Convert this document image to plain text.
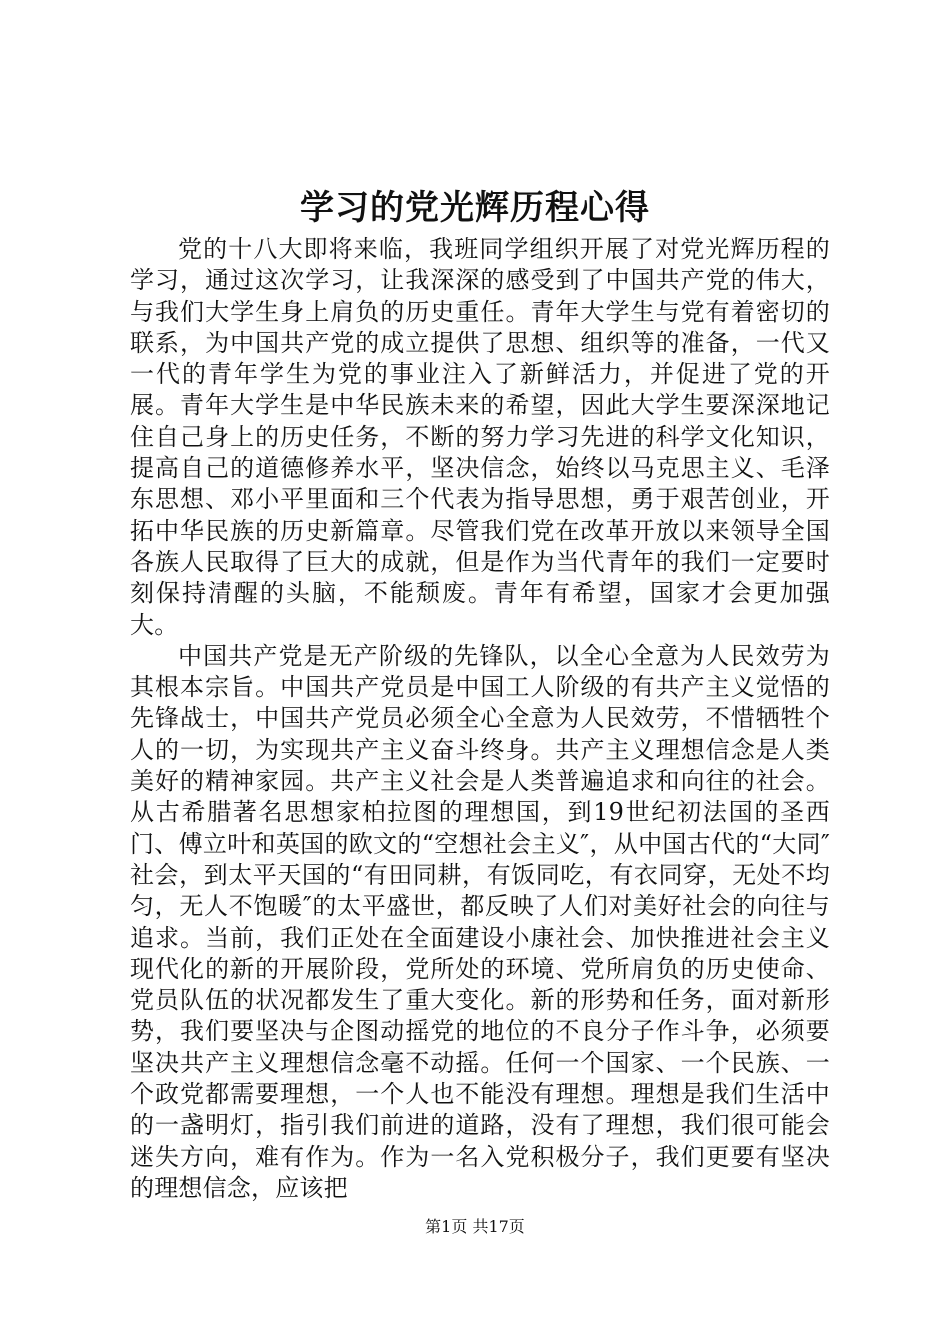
学习的党光辉历程心得

党的十八大即将来临，我班同学组织开展了对党光辉历程的学习，通过这次学习，让我深深的感受到了中国共产党的伟大，与我们大学生身上肩负的历史重任。青年大学生与党有着密切的联系，为中国共产党的成立提供了思想、组织等的准备，一代又一代的青年学生为党的事业注入了新鲜活力，并促进了党的开展。青年大学生是中华民族未来的希望，因此大学生要深深地记住自己身上的历史任务，不断的努力学习先进的科学文化知识，提高自己的道德修养水平，坚决信念，始终以马克思主义、毛泽东思想、邓小平里面和三个代表为指导思想，勇于艰苦创业，开拓中华民族的历史新篇章。尽管我们党在改革开放以来领导全国各族人民取得了巨大的成就，但是作为当代青年的我们一定要时刻保持清醒的头脑，不能颓废。青年有希望，国家才会更加强大。

中国共产党是无产阶级的先锋队，以全心全意为人民效劳为其根本宗旨。中国共产党员是中国工人阶级的有共产主义觉悟的先锋战士，中国共产党员必须全心全意为人民效劳，不惜牺牲个人的一切，为实现共产主义奋斗终身。共产主义理想信念是人类美好的精神家园。共产主义社会是人类普遍追求和向往的社会。从古希腊著名思想家柏拉图的理想国，到19世纪初法国的圣西门、傅立叶和英国的欧文的“空想社会主义″，从中国古代的“大同″社会，到太平天国的“有田同耕，有饭同吃，有衣同穿，无处不均匀，无人不饱暖″的太平盛世，都反映了人们对美好社会的向往与追求。当前，我们正处在全面建设小康社会、加快推进社会主义现代化的新的开展阶段，党所处的环境、党所肩负的历史使命、党员队伍的状况都发生了重大变化。新的形势和任务，面对新形势，我们要坚决与企图动摇党的地位的不良分子作斗争，必须要坚决共产主义理想信念毫不动摇。任何一个国家、一个民族、一个政党都需要理想，一个人也不能没有理想。理想是我们生活中的一盏明灯，指引我们前进的道路，没有了理想，我们很可能会迷失方向，难有作为。作为一名入党积极分子，我们更要有坚决的理想信念，应该把

第1页 共17页
